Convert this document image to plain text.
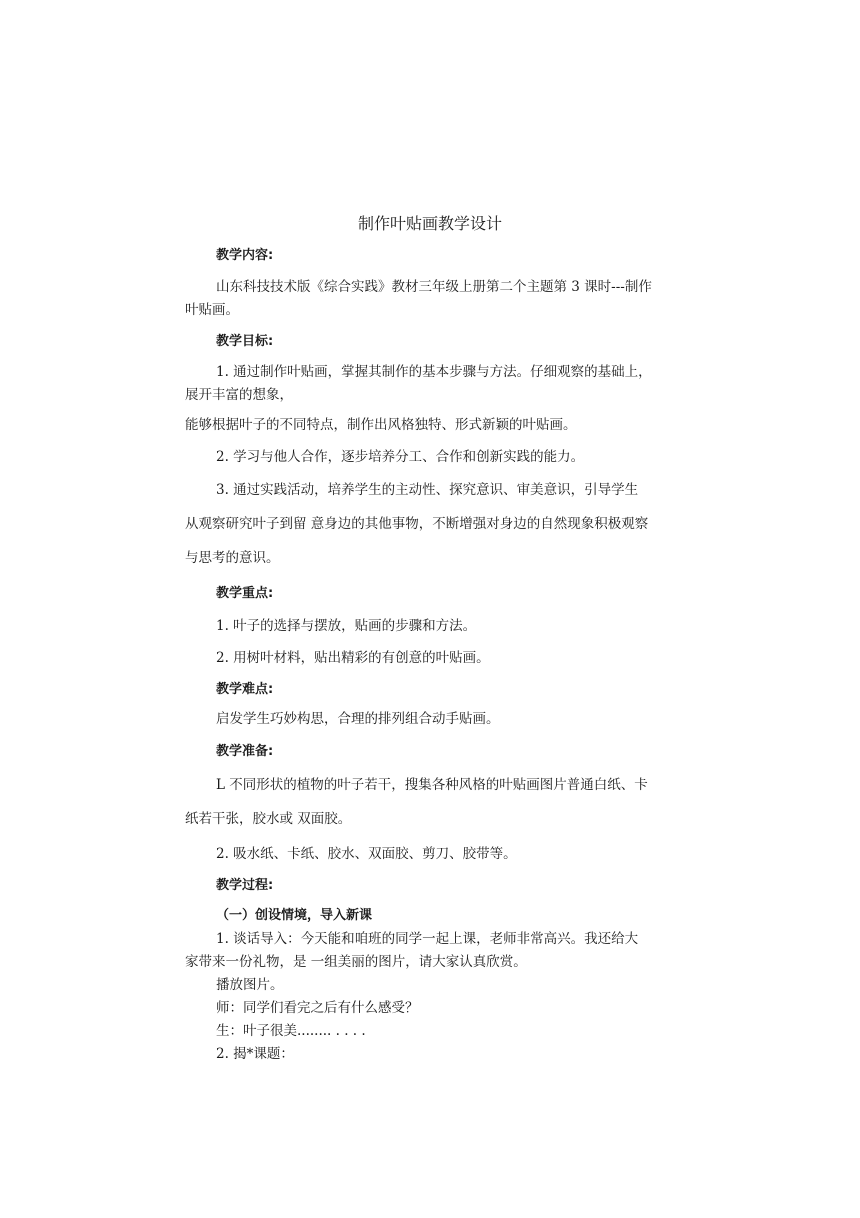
制作叶贴画教学设计
教学内容:
山东科技技术版《综合实践》教材三年级上册第二个主题第 3 课时---制作
叶贴画。
教学目标:
1. 通过制作叶贴画，掌握其制作的基本步骤与方法。仔细观察的基础上，
展开丰富的想象，
能够根据叶子的不同特点，制作出风格独特、形式新颖的叶贴画。
2. 学习与他人合作，逐步培养分工、合作和创新实践的能力。
3. 通过实践活动，培养学生的主动性、探究意识、审美意识，引导学生
从观察研究叶子到留 意身边的其他事物，不断增强对身边的自然现象积极观察
与思考的意识。
教学重点:
1. 叶子的选择与摆放，贴画的步骤和方法。
2. 用树叶材料，贴出精彩的有创意的叶贴画。
教学难点:
启发学生巧妙构思，合理的排列组合动手贴画。
教学准备:
L 不同形状的植物的叶子若干，搜集各种风格的叶贴画图片普通白纸、卡
纸若干张，胶水或 双面胶。
2. 吸水纸、卡纸、胶水、双面胶、剪刀、胶带等。
教学过程:
（一）创设情境，导入新课
1. 谈话导入：今天能和咱班的同学一起上课，老师非常高兴。我还给大
家带来一份礼物，是 一组美丽的图片，请大家认真欣赏。
播放图片。
师：同学们看完之后有什么感受？
生：叶子很美........ . . . .
2. 揭*课题：
